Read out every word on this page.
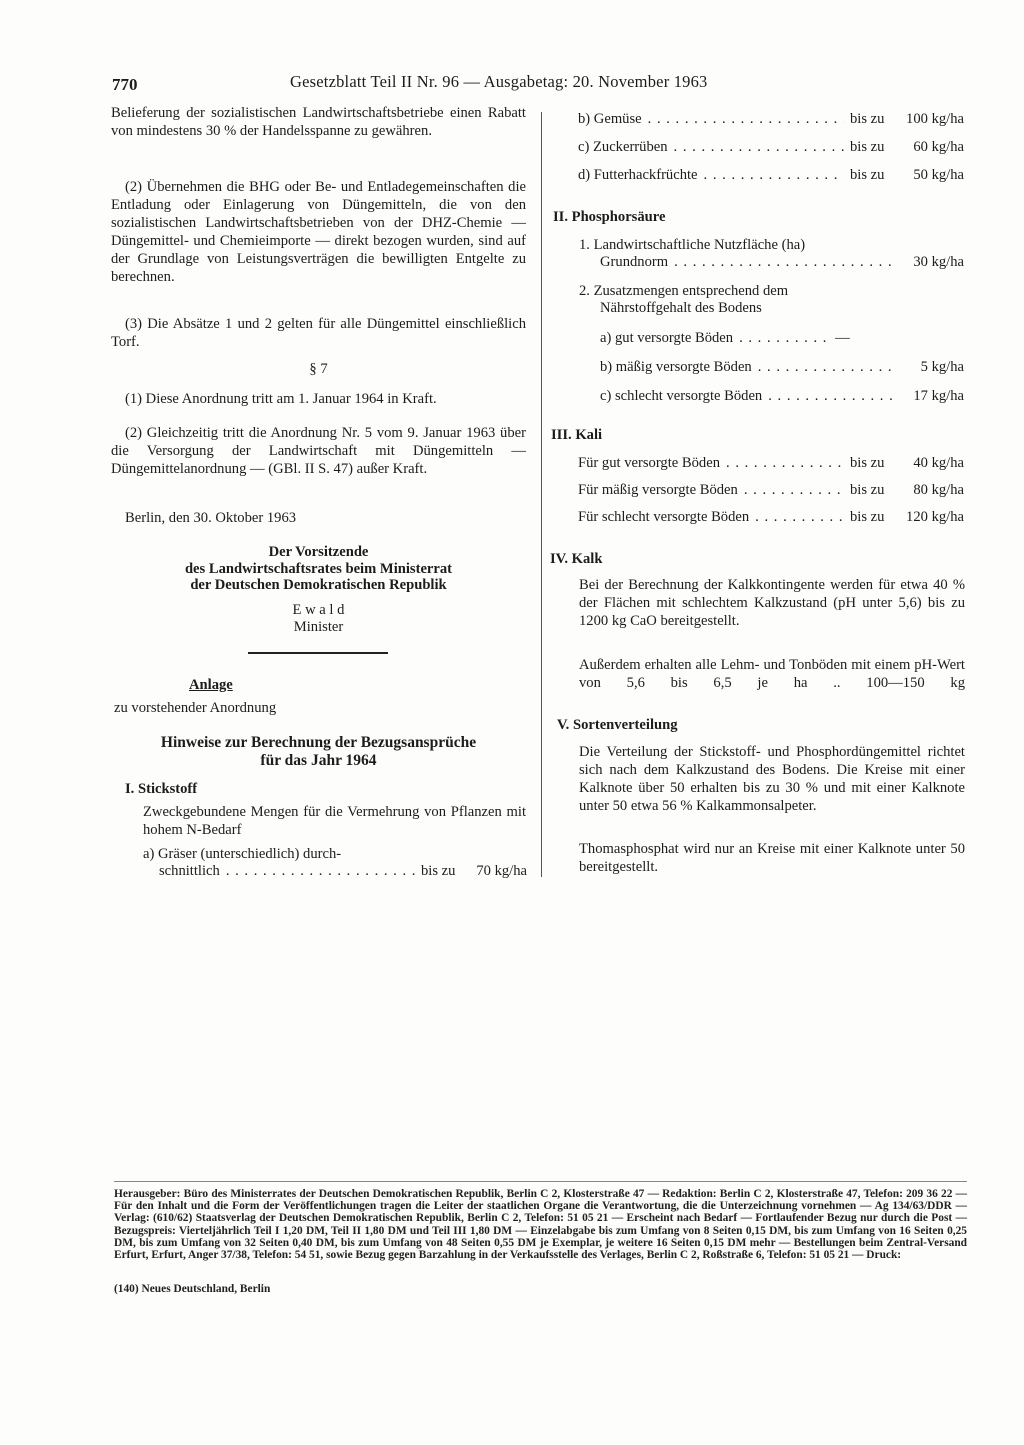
770	Gesetzblatt Teil II Nr. 96 — Ausgabetag: 20. November 1963

Belieferung der sozialistischen Landwirtschaftsbetriebe einen Rabatt von mindestens 30 % der Handelsspanne zu gewähren.

(2) Übernehmen die BHG oder Be- und Entladegemeinschaften die Entladung oder Einlagerung von Düngemitteln, die von den sozialistischen Landwirtschaftsbetrieben von der DHZ-Chemie — Düngemittel- und Chemieimporte — direkt bezogen wurden, sind auf der Grundlage von Leistungsverträgen die bewilligten Entgelte zu berechnen.

(3) Die Absätze 1 und 2 gelten für alle Düngemittel einschließlich Torf.

§ 7

(1) Diese Anordnung tritt am 1. Januar 1964 in Kraft.

(2) Gleichzeitig tritt die Anordnung Nr. 5 vom 9. Januar 1963 über die Versorgung der Landwirtschaft mit Düngemitteln — Düngemittelanordnung — (GBl. II S. 47) außer Kraft.

Berlin, den 30. Oktober 1963

Der Vorsitzende
des Landwirtschaftsrates beim Ministerrat
der Deutschen Demokratischen Republik
E w a l d
Minister
Anlage
zu vorstehender Anordnung
Hinweise zur Berechnung der Bezugsansprüche
für das Jahr 1964
I. Stickstoff

Zweckgebundene Mengen für die Vermehrung von Pflanzen mit hohem N-Bedarf

a) Gräser (unterschiedlich) durch-
schnittlich . . .	bis zu	70 kg/ha
b) Gemüse . . .	bis zu	100 kg/ha
c) Zuckerrüben . . .	bis zu	60 kg/ha
d) Futterhackfrüchte . . .	bis zu	50 kg/ha
II. Phosphorsäure
1. Landwirtschaftliche Nutzfläche (ha)
Grundnorm . . .	30 kg/ha
2. Zusatzmengen entsprechend dem
Nährstoffgehalt des Bodens
a) gut versorgte Böden . . .	—
b) mäßig versorgte Böden . . .	5 kg/ha
c) schlecht versorgte Böden . . .	17 kg/ha
III. Kali
Für gut versorgte Böden . . .	bis zu	40 kg/ha
Für mäßig versorgte Böden . . .	bis zu	80 kg/ha
Für schlecht versorgte Böden . . .	bis zu	120 kg/ha
IV. Kalk

Bei der Berechnung der Kalkkontingente werden für etwa 40 % der Flächen mit schlechtem Kalkzustand (pH unter 5,6) bis zu 1200 kg CaO bereitgestellt.

Außerdem erhalten alle Lehm- und Tonböden mit einem pH-Wert von 5,6 bis 6,5 je ha .. 100—150 kg

V. Sortenverteilung

Die Verteilung der Stickstoff- und Phosphordüngemittel richtet sich nach dem Kalkzustand des Bodens. Die Kreise mit einer Kalknote über 50 erhalten bis zu 30 % und mit einer Kalknote unter 50 etwa 56 % Kalkammonsalpeter.

Thomasphosphat wird nur an Kreise mit einer Kalknote unter 50 bereitgestellt.

Herausgeber: Büro des Ministerrates der Deutschen Demokratischen Republik, Berlin C 2, Klosterstraße 47 — Redaktion: Berlin C 2, Klosterstraße 47, Telefon: 209 36 22 — Für den Inhalt und die Form der Veröffentlichungen tragen die Leiter der staatlichen Organe die Verantwortung, die die Unterzeichnung vornehmen — Ag 134/63/DDR — Verlag: (610/62) Staatsverlag der Deutschen Demokratischen Republik, Berlin C 2, Telefon: 51 05 21 — Erscheint nach Bedarf — Fortlaufender Bezug nur durch die Post — Bezugspreis: Vierteljährlich Teil I 1,20 DM, Teil II 1,80 DM und Teil III 1,80 DM — Einzelabgabe bis zum Umfang von 8 Seiten 0,15 DM, bis zum Umfang von 16 Seiten 0,25 DM, bis zum Umfang von 32 Seiten 0,40 DM, bis zum Umfang von 48 Seiten 0,55 DM je Exemplar, je weitere 16 Seiten 0,15 DM mehr — Bestellungen beim Zentral-Versand Erfurt, Erfurt, Anger 37/38, Telefon: 54 51, sowie Bezug gegen Barzahlung in der Verkaufsstelle des Verlages, Berlin C 2, Roßstraße 6, Telefon: 51 05 21 — Druck:

(140) Neues Deutschland, Berlin
